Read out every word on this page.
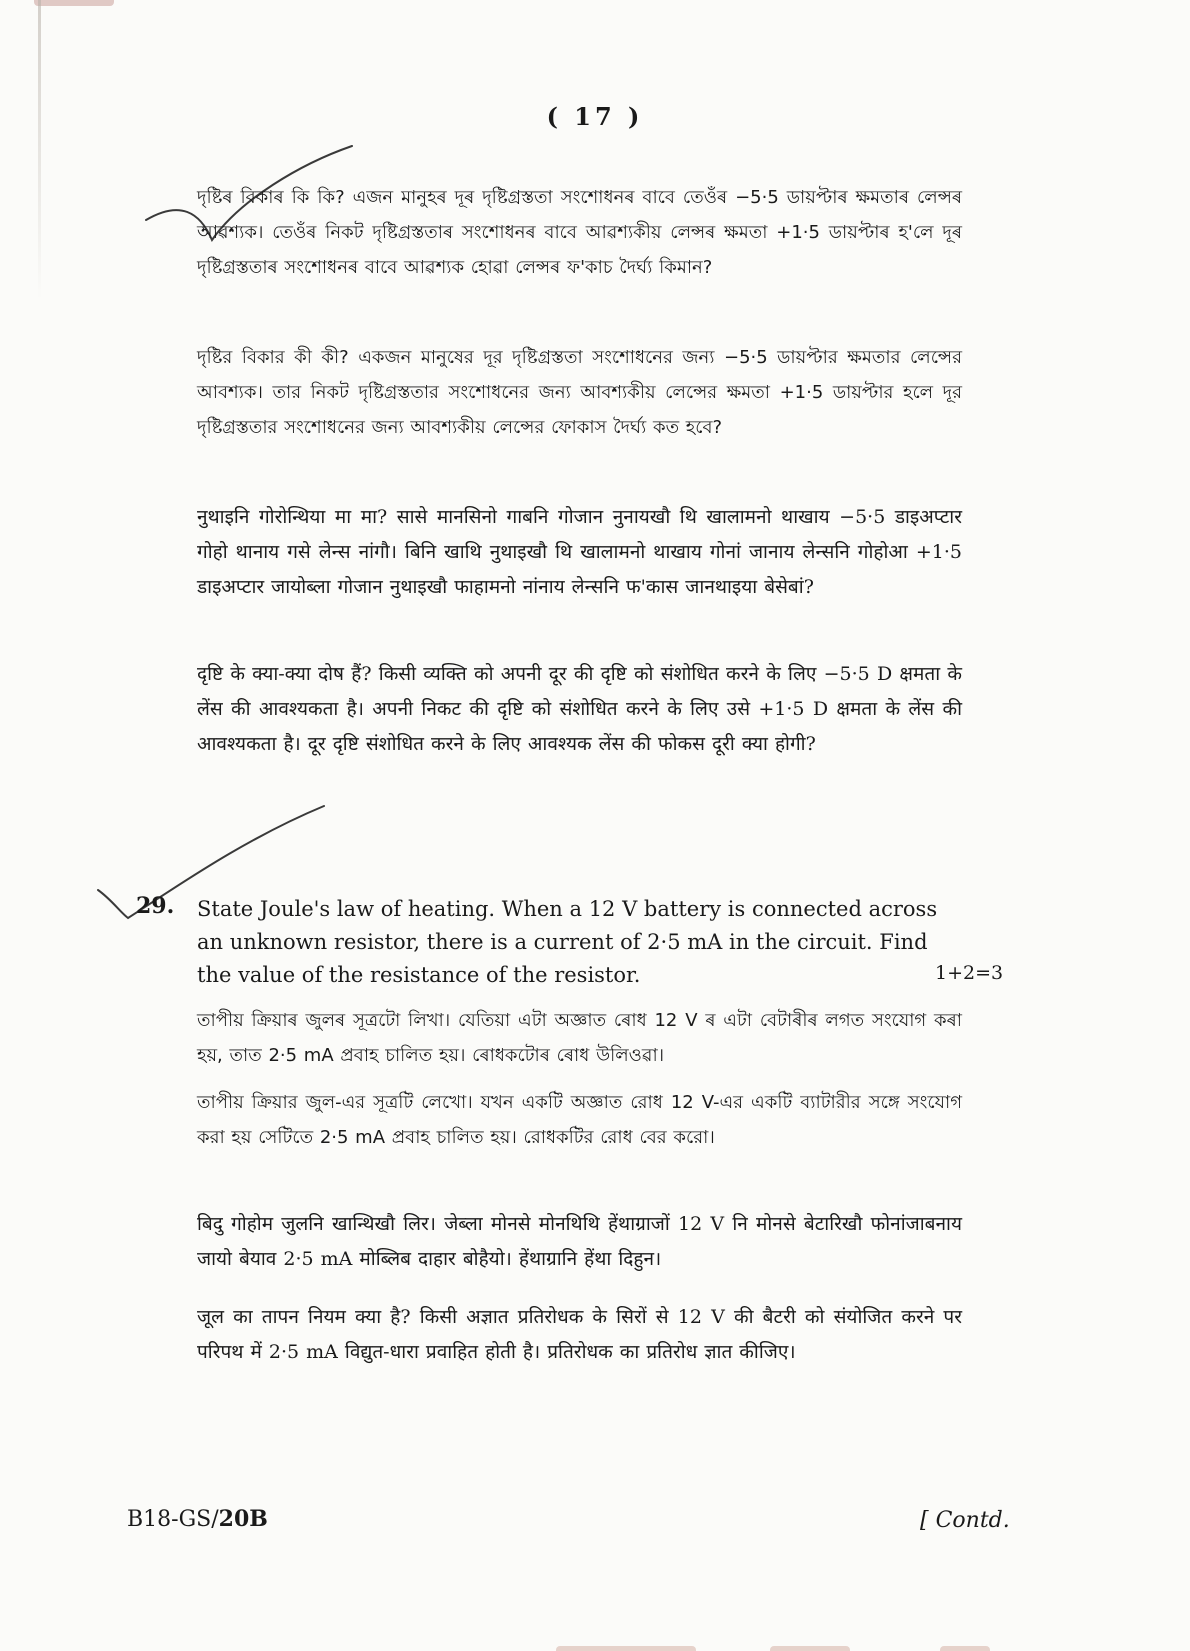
( 17 )
দৃষ্টিৰ বিকাৰ কি কি? এজন মানুহৰ দূৰ দৃষ্টিগ্ৰস্ততা সংশোধনৰ বাবে তেওঁৰ −5·5 ডায়প্টাৰ ক্ষমতাৰ লেন্সৰ আৱশ্যক। তেওঁৰ নিকট দৃষ্টিগ্ৰস্ততাৰ সংশোধনৰ বাবে আৱশ্যকীয় লেন্সৰ ক্ষমতা +1·5 ডায়প্টাৰ হ'লে দূৰ দৃষ্টিগ্ৰস্ততাৰ সংশোধনৰ বাবে আৱশ্যক হোৱা লেন্সৰ ফ'কাচ দৈৰ্ঘ্য কিমান?
দৃষ্টির বিকার কী কী? একজন মানুষের দূর দৃষ্টিগ্রস্ততা সংশোধনের জন্য −5·5 ডায়প্টার ক্ষমতার লেন্সের আবশ্যক। তার নিকট দৃষ্টিগ্রস্ততার সংশোধনের জন্য আবশ্যকীয় লেন্সের ক্ষমতা +1·5 ডায়প্টার হলে দূর দৃষ্টিগ্রস্ততার সংশোধনের জন্য আবশ্যকীয় লেন্সের ফোকাস দৈর্ঘ্য কত হবে?
नुथाइनि गोरोन्थिया मा मा? सासे मानसिनो गाबनि गोजान नुनायखौ थि खालामनो थाखाय −5·5 डाइअप्टार गोहो थानाय गसे लेन्स नांगौ। बिनि खाथि नुथाइखौ थि खालामनो थाखाय गोनां जानाय लेन्सनि गोहोआ +1·5 डाइअप्टार जायोब्ला गोजान नुथाइखौ फाहामनो नांनाय लेन्सनि फ'कास जानथाइया बेसेबां?
दृष्टि के क्या-क्या दोष हैं? किसी व्यक्ति को अपनी दूर की दृष्टि को संशोधित करने के लिए −5·5 D क्षमता के लेंस की आवश्यकता है। अपनी निकट की दृष्टि को संशोधित करने के लिए उसे +1·5 D क्षमता के लेंस की आवश्यकता है। दूर दृष्टि संशोधित करने के लिए आवश्यक लेंस की फोकस दूरी क्या होगी?
29. State Joule's law of heating. When a 12 V battery is connected across an unknown resistor, there is a current of 2·5 mA in the circuit. Find the value of the resistance of the resistor.	1+2=3
তাপীয় ক্ৰিয়াৰ জুলৰ সূত্ৰটো লিখা। যেতিয়া এটা অজ্ঞাত ৰোধ 12 V ৰ এটা বেটাৰীৰ লগত সংযোগ কৰা হয়, তাত 2·5 mA প্ৰবাহ চালিত হয়। ৰোধকটোৰ ৰোধ উলিওৱা।
তাপীয় ক্রিয়ার জুল-এর সূত্রটি লেখো। যখন একটি অজ্ঞাত রোধ 12 V-এর একটি ব্যাটারীর সঙ্গে সংযোগ করা হয় সেটিতে 2·5 mA প্রবাহ চালিত হয়। রোধকটির রোধ বের করো।
बिदु गोहोम जुलनि खान्थिखौ लिर। जेब्ला मोनसे मोनथिथि हेंथाग्राजों 12 V नि मोनसे बेटारिखौ फोनांजाबनाय जायो बेयाव 2·5 mA मोब्लिब दाहार बोहैयो। हेंथाग्रानि हेंथा दिहुन।
जूल का तापन नियम क्या है? किसी अज्ञात प्रतिरोधक के सिरों से 12 V की बैटरी को संयोजित करने पर परिपथ में 2·5 mA विद्युत-धारा प्रवाहित होती है। प्रतिरोधक का प्रतिरोध ज्ञात कीजिए।
B18-GS/20B	[ Contd.
